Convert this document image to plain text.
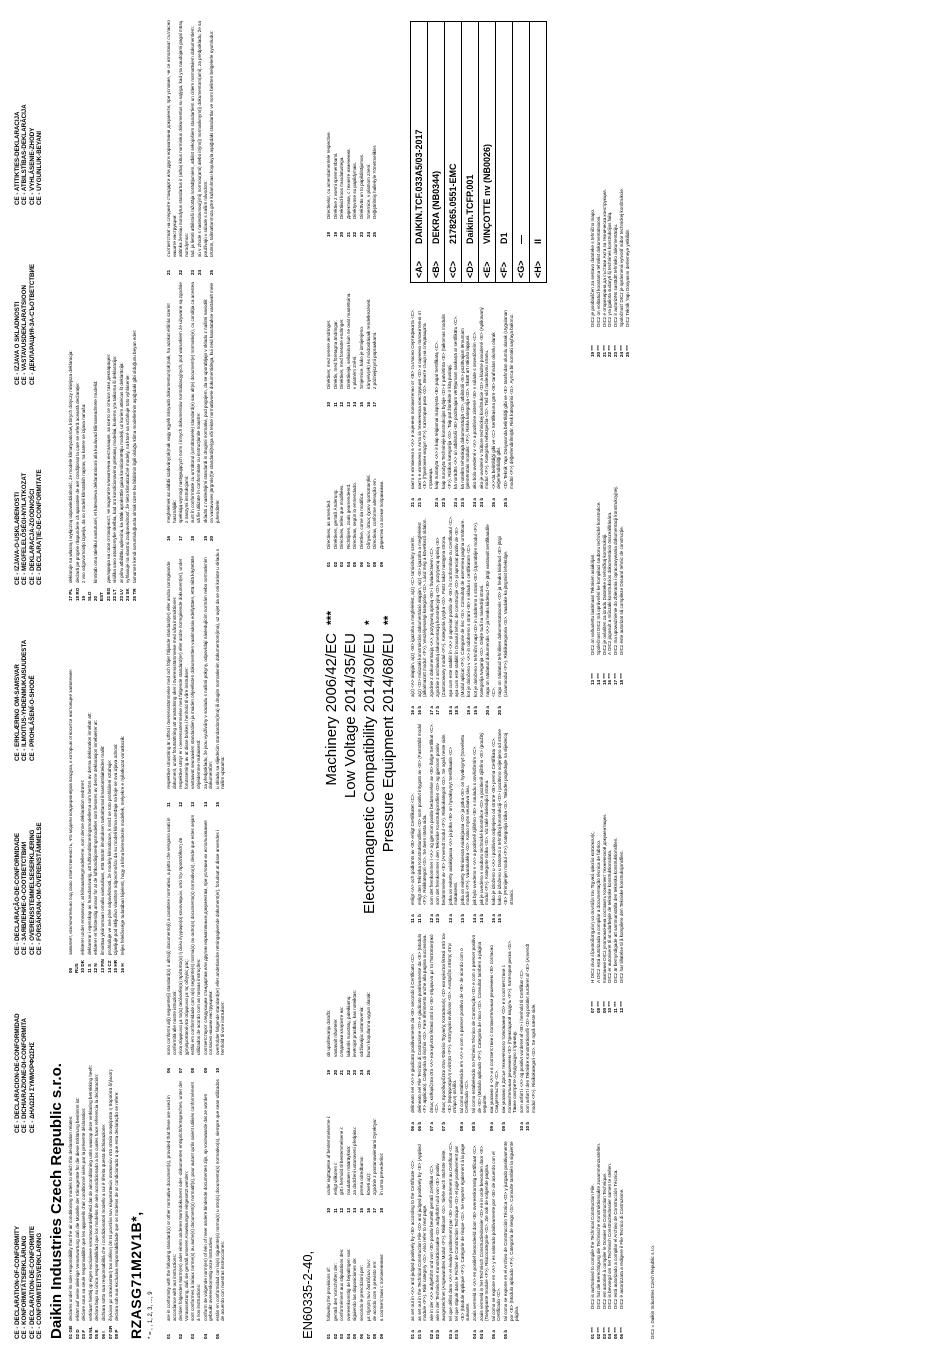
CE - DECLARATION-OF-CONFORMITY CE - KONFORMITÄTSERKLÄRUNG CE - DECLARATION-DE-CONFORMITE CE - CONFORMITEITSVERKLARING
CE - DECLARACION-DE-CONFORMIDAD CE - DICHIARAZIONE-DI-CONFORMITA CE - ΔΗΛΩΣΗ ΣΥΜΜΟΡΦΩΣΗΣ
CE - DECLARAÇÃO-DE-CONFORMIDADE CE - ЗАЯВЛЕНИЕ-О-СООТВЕТСТВИИ CE - OVERENSSTEMMELSESERKLÆRING CE - FÖRSÄKRAN-OM-ÖVERENSTÄMMELSE
CE - ERKLÆRING OM-SAMSVAR CE - ILMOITUS-YHDENMUKAISUUDESTA CE - PROHLÁŠENÍ-O-SHODĚ
CE - IZJAVA-O-USKLAĐENOSTI CE - MEGFELELŐSÉGI-NYILATKOZAT CE - DEKLARACJA-ZGODNOŚCI CE - DECLARAŢIE-DE-CONFORMITATE
CE - IZJAVA O SKLADNOSTI CE - VASTAVUSDEKLARATSIOON CE - ДЕКЛАРАЦИЯ-ЗА-СЪОТВЕТСТВИЕ
CE - ATITIKTIES-DEKLARACIJA CE - ATBILSTĪBAS-DEKLARĀCIJA CE - VYHLÁSENIE-ZHODY CE - UYGUNLUK-BEYANI
Daikin Industries Czech Republic s.r.o. 01 GB
declares under its sole responsibility that the air conditioning models to which this declaration relates:
02 D
erklärt auf seine alleinige Verantwortung daß die Modelle der Klimageräte für die diese Erklärung bestimmt ist:
03 F
déclare sous sa seule responsabilité que les appareils d'air conditionné visés par la présente déclaration:
04 NL
verklaart hierbij op eigen exclusieve verantwoordelijkheid dat de airconditioning units waarop deze verklaring betrekking heeft:
05 E
declara bajo su única responsabilidad que los modelos de aire acondicionado a los cuales hace referencia la declaración:
06 I
dichiara sotto sua responsabilità che i condizionatori modello a cui è riferita questa dichiarazione:
07 GR
δηλώνει με αποκλειστική του ευθύνη ότι τα μοντέλα των κλιματιστικών συσκευών στα οποία αναφέρεται η παρούσα δήλωση:
08 P
declara sob sua exclusiva responsabilidade que os modelos de ar condicionado a que esta declaração se refere:
09 RUS
заявляет, исключительно под свою ответственность, что модели кондиционеров воздуха, к которым относится настоящее заявление:
10 DK
erklærer under eneansvar, at klimaanlægmodellerne, som denne deklaration vedrører:
11 S
deklarerar i egenskap av huvudansvarig, att luftkonditioneringsmodellerna som berörs av denna deklaration innebär att:
12 N
erklærer et fullstendig ansvar for at de luftkondisjoneringsmodeller som berøres av denne deklarasjon innebærer at:
13 FIN
ilmoittaa yksinomaan omalla vastuullaan, että tämän ilmoituksen tarkoittamat ilmastointilaitteiden mallit:
14 CZ
prohlašuje ve své plné odpovědnosti, že modely klimatizace, k nimž se toto prohlášení vztahuje:
15 HR
izjavljuje pod isključivo vlastitom odgovornošću da su modeli klima uređaja na koje se ova izjava odnosi:
16 H
teljes felelőssége tudatában kijelenti, hogy a klíma berendezés modellek, melyekre e nyilatkozat vonatkozik:
17 PL
deklaruje na własną i wyłączną odpowiedzialność, że modele klimatyzatorów, których dotyczy niniejsza deklaracja:
18 RO
declară pe proprie răspundere că aparatele de aer condiţionat la care se referă această declaraţie:
19 SLO
z vso odgovornostjo izjavlja, da so modeli klimatskih naprav, na katere se izjava nanaša:
20 EST
kinnitab oma täielikul vastutusel, et käesoleva deklaratsiooni alla kuuluvad kliimaseadmete mudelid:
21 BG
декларира на своя отговорност, че моделите климатична инсталация, за които се отнася тази декларация:
22 LT
visiška savo atsakomybe skelbia, kad oro kondicionavimo prietaisų modeliai, kuriems yra taikoma ši deklaracija:
23 LV
ar pilnu atbildību apliecina, ka tālāk aprakstītie gaisa kondicionētāju modeļi, uz kuriem attiecas šī deklarācija:
24 SK
vyhlasuje na vlastnú zodpovednosť, že tieto klimatizačné modely, na ktoré sa vzťahuje toto vyhlásenie:
25 TR
tamamen kendi sorumluluğunda olmak üzere bu bildirinin ilgili olduğu klima modellerinin aşağıdaki gibi olduğunu beyan eder:
RZASG71M2V1B*, * = , , 1, 2, 3, ..., 9	01
are in conformity with the following standard(s) or other normative document(s), provided that these are used in accordance with our instructions:
02
der/den folgenden Norm(en) oder einem anderen Normdokument oder -dokumenten entspricht/entsprechen, unter der Voraussetzung, daß sie gemäß unseren Anweisungen eingesetzt werden:
03
sont conformes à la/aux norme(s) ou autre(s) document(s) normatif(s), pour autant qu'ils soient utilisés conformément à nos instructions:
04
conform de volgende norm(en) of één of meer andere bindende documenten zijn, op voorwaarde dat ze worden gebruikt overeenkomstig onze instructies:
05
están en conformidad con la(s) siguiente(s) norma(s) u otro(s) documento(s) normativo(s), siempre que sean utilizados de acuerdo con nuestras instrucciones:
06
sono conformi al(i) seguente(i) standard(s) o altro(i) documento(i) a carattere normativo, a patto che vengano usati in conformità alle nostre istruzioni:
07
είναι σύμφωνα με το(α) ακόλουθο(α) πρότυπο(α) ή άλλο έγγραφο(α) κανονισμών, υπό την προϋπόθεση ότι χρησιμοποιούνται σύμφωνα με τις οδηγίες μας:
08
estão em conformidade com a(s) seguinte(s) norma(s) ou outro(s) documento(s) normativo(s), desde que estes sejam utilizados de acordo com as nossas instruções:
09
соответствуют следующим стандартам или другим нормативным документам, при условии их использования согласно нашим инструкциям:
10
overholder følgende standard(er) eller andet/andre retningsgivende dokument(er), forudsat at disse anvendes i henhold til vore instrukser:
11
respektive utrustning är utförd i överensstämmelse med och följer följande standard(er) eller andra normgivande dokument, under förutsättning att användning sker i överensstämmelse med våra instruktioner:
12
respektive utstyr er i overensstemmelse med følgende standard(er) eller andre normgivende dokument(er), under forutssetning av at disse brukes i henhold til våre instrukser:
13
vastaavat seuraavien standardien ja muiden ohjeellisten dokumenttien vaatimuksia edellyttäen, että niitä käytetään ohjeidemme mukaisesti:
14
za předpokladu, že jsou využívány v souladu s našimi pokyny, odpovídají následujícím normám nebo normativním dokumentům:
15
u skladu sa slijedećim standardom(ima) ili drugim normativnim dokumentom(ima), uz uvjet da se oni koriste u skladu s našim uputama:
16
megfelelnek az alábbi szabvány(ok)nak vagy egyéb irányadó dokumentum(ok)nak, ha azokat előírás szerint használják:
17
spełniają wymogi następujących norm i innych dokumentów normalizacyjnych, pod warunkiem że używane są zgodnie z naszymi instrukcjami:
18
sunt în conformitate cu următorul (următoarele) standard(e) sau alt(e) document(e) normativ(e), cu condiţia ca acestea să fie utilizate în conformitate cu instrucţiunile noastre:
19
skladni z naslednjimi standardi in drugimi normativi, pod pogojem, da se uporabljajo v skladu z našimi navodili:
20
on vastavuses järgmis(t)e standardi(te)ga või teiste normatiivsete dokumentidega, kui neid kasutatakse vastavalt meie juhenditele:
21
съответстват на следните стандарти или други нормативни документи, при условие, че се използват съгласно нашите инструкции:
22
atitinka žemiau nurodytus standartus ir (arba) kitus norminius dokumentus su sąlyga, kad yra naudojami pagal mūsų nurodymus:
23
tad, ja lietoti atbilstoši ražotāja norādījumiem, atbilst sekojošiem standartiem un citiem normatīviem dokumentiem:
24
sú v zhode s nasledovnou(ými) normou(ami) alebo iným(i) normatívnym(i) dokumentom(ami), za predpokladu, že sa používajú v súlade s našim návodom:
25
ürünün, talimatlarımıza göre kullanılması koşuluyla aşağıdaki standartlar ve norm belirten belgelerle uyumludur:
EN60335-2-40, 01
following the provisions of:
02
gemäß den Vorschriften der:
03
conformément aux stipulations des:
04
overeenkomstig de bepalingen van:
05
siguiendo las disposiciones de:
06
secondo le prescrizioni per:
07
με τήρηση των διατάξεων των:
08
de acordo com o previsto em:
09
в соответствии с положениями:
10
under iagttagelse af bestemmelserne i:
11
enligt villkoren i:
12
gitt i henhold til bestemmelsene i:
13
noudattaen määräyksiä:
14
za dodržení ustanovení předpisu:
15
prema odredbama:
16
követi a(z):
17
zgodnie z postanowieniami Dyrektyw:
18
în urma prevederilor:
19
ob upoštevanju določb:
20
vastavalt nõuetele:
21
следвайки клаузите на:
22
laikantis nuostatų, pateikiamų:
23
ievērojot prasības, kas noteiktas:
24
održiavajúc ustanovenia:
25
bunun koşullarına uygun olarak:
Machinery 2006/42/EC Low Voltage 2014/35/EU Electromagnetic Compatibility 2014/30/EU Pressure Equipment 2014/68/EU
***
* **
01
Directives, as amended.
02
Direktiven, gemäß Änderung.
03
Directives, telles que modifiées.
04
Richtlijnen, zoals geamendeerd.
05
Directivas, según lo enmendado.
06
Direttive, come da modifica.
07
Οδηγιών, όπως έχουν τροποποιηθεί.
08
Directivas, conforme alteração em.
09
Директив со всеми поправками.
10
Direktiver, med senere ændringer.
11
Direktiv, med företagna ändringar.
12
Direktiver, med foretatte endringer.
13
Direktiivejä, sellaisina kuin ne ovat muutettuina.
14
v platném znění.
15
Smjernice, kako je izmijenjeno.
16
irányelv(ek) és módosításaik rendelkezéseit.
17
z późniejszymi poprawkami.
18
Directivelor, cu amendamentele respective.
19
Direktive z vsemi spremembami.
20
Direktiivid koos muudatustega.
21
Директиви, с техните изменения.
22
Direktyvose su papildymais.
23
Direktīvās un to papildinājumos.
24
Smernice, v platnom znení.
25
Değiştirilmiş halleriyle Yönetmelikler.
01 a
as set out in <A> and judged positively by <B> according to the Certificate <C>.
01 b
as set out in the Technical Construction File <D> and judged positively by <E> (Applied module <F>). Risk category <G>. Also refer to next page.
02 a
wie in der <A> aufgeführt und von <B> positiv beurteilt gemäß Zertifikat <C>.
02 b
wie in der Technischen Konstruktionsakte <D> aufgeführt und von <E> positiv ausgezeichnet (Angewandtes Modul <F>). Risikoart <G>. Siehe auch nächste Seite.
03 a
tel que défini dans <A> et évalué positivement par <B> conformément au Certificat <C>.
03 b
tel que stipulé dans le Fichier de Construction Technique <D> et jugé positivement par <E> (Module appliqué <F>). Catégorie de risque <G>. Se reporter également à la page suivante.
04 a
zoals vermeld in <A> en positief beoordeeld door <B> overeenkomstig Certificaat <C>.
04 b
zoals vermeld in het Technisch Constructiedossier <D> en in orde bevonden door <E> (Toegepaste module <F>). Risicocategorie <G>. Zie ook de volgende pagina.
05 a
tal como se expone en <A> y es valorado positivamente por <B> de acuerdo con el Certificado <C>.
05 b
tal como se expone en el Archivo de Construcción Técnica <D> y juzgado positivamente por <E> (Modulo aplicado <F>). Categoría de riesgo <G>. Consulte también la siguiente página.
06 a
delineato nel <A> e giudicato positivamente da <B> secondo il Certificato <C>.
06 b
delineato nel File Tecnico di Costruzione <D> e giudicato positivamente da <E> (Modulo <F> applicato). Categoria di rischio <G>. Fare riferimento anche alla pagina successiva.
07 a
όπως καθορίζεται στο <A> και κρίνεται θετικά από το <B> σύμφωνα με το Πιστοποιητικό <C>.
07 b
όπως προσδιορίζεται στον Φάκελο Τεχνικής Κατασκευής <D> και κρίνεται θετικά από τον <E> (Εφαρμοσμένη ενότητα <F>). Κατηγορία κινδύνου <G>. Ανατρέξτε επίσης στην επόμενη σελίδα.
08 a
tal como estabelecido em <A> e com o parecer positivo de <B> de acordo com o Certificado <C>.
08 b
tal como estabelecido no Ficheiro Técnico de Construção <D> e com o parecer positivo de <E> (Módulo aplicado <F>). Categoria de risco <G>. Consultar também a página seguinte.
09 a
как указано в <A> и в соответствии с положительным решением <B> согласно Свидетельству <C>.
09 b
как указано в Досье технического толкования <D> и в соответствии с положительным решением <E> (Прикладной модуль <F>). Категория риска <G>. Также смотрите следующую страницу.
10 a
som anført i <A> og positivt vurderet af <B> i henhold til Certifikat <C>.
10 b
som anført i den Tekniske Konstruktionsfil <D> og positivt vurderet af <E> (Anvendt modul <F>). Risikokategori <G>. Se også næste side.
11 a
enligt <A> och godkänts av <B> enligt Certifikatet <C>.
11 b
enligt den Tekniska Konstruktionsfilen <D> som positivt intygats av <E> (Fastställd modul <F>). Riskkategori <G>. Se även nästa sida.
12 a
som det fremkommer i <A> og gjennom positiv bedømmelse av <B> ifølge Sertifikat <C>.
12 b
som det fremkommer i den Tekniske Konstruksjonsfilen <D> og gjennom positiv bedømmelse av <E> (Anvendt modul <F>). Risikokategori <G>. Se også neste side.
13 a
jotka on esitetty asiakirjassa <A> ja jotka <B> on hyväksynyt Sertifikaatin <C> mukaisesti.
13 b
jotka on esitetty Teknisessä Asiakirjassa <D> ja jotka <E> on hyväksynyt (Sovellettu moduli <F>). Vaaraluokka <G>. Katso myös seuraava sivu.
14 a
jak bylo uvedeno v <A> a pozitivně zjištěno <B> v souladu s osvědčením <C>.
14 b
jak je uvedeno v souboru technické konstrukce <D> a pozitivně zjištěno <E> (použitý modul <F>). Kategorie rizika <G>. Viz také následující strana.
15 a
kako je izloženo u <A> i pozitivno ocijenjeno od strane <B> prema Certifikatu <C>.
15 b
kako je izloženo u Datoteci o tehničkoj konstrukciji <D> i pozitivno ocijenjeno od strane <E> (Primijenjen modul <F>). Kategorija rizika <G>. Također pogledajte na slijedećoj stranici.
16 a
a(z) <A> alapján, a(z) <B> igazolta a megfelelést, a(z) <C> tanúsítvány szerint.
16 b
a(z) <D> műszaki konstrukciós dokumentáció alapján, a(z) <E> igazolta a megfelelést (alkalmazott modul: <F>). Veszélyességi kategória <G>. Lásd még a következő oldalon.
17 a
zgodnie z dokumentacją <A>, pozytywną opinią <B> i Świadectwem <C>.
17 b
zgodnie z archiwalną dokumentacją konstrukcyjną <D>, pozytywną opinią <E> (Zastosowany moduł <F>). Kategoria ryzyka <G>. Patrz także następna strona.
18 a
aşa cum este stabilit în <A> şi apreciat pozitiv de <B> în conformitate cu Certificatul <C>.
18 b
aşa cum este stabilit în Dosarul tehnic de construcţie <D> şi apreciat pozitiv de <E> (Modul aplicat <F>). Categorie de risc <G>. Consultaţi de asemenea pagina următoare.
19 a
kot je določeno v <A> in odobreno s strani <B> v skladu s certifikatom <C>.
19 b
kot je določeno v tehnični mapi <D> in odobreno s strani <E> (Uporabljen modul <F>). Kategorija tveganja <G>. Glejte tudi na naslednji strani.
20 a
nagu on näidatud dokumendis <A> ja heaks kiidetud <B> järgi vastavalt sertifikaadile <C>.
20 b
nagu on näidatud tehnilises dokumentatsioonis <D> ja heaks kiidetud <E> järgi (Lisamoodul <F>). Riskikategooria <G>. Vaadake ka järgmist lehekülge.
21 a
както е изложено в <A> и оценено положително от <B> съгласно Сертификата <C>.
21 b
както е изложено в Акта за техническа конструкция <D> и оценено положително от <E> (Приложен модул <F>). Категория риск <G>. Вижте също на следващата страница.
22 a
kaip nustatyta <A> ir kaip teigiamai nuspręsta <B> pagal Sertifikatą <C>.
22 b
kaip nurodyta Techninėje konstrukcijos byloje <D> ir patvirtinta <E> (taikomas modulis <F>). Rizikos kategorija <G>. Taip pat žiūrėkite ir kitą puslapį.
23 a
kā norādīts <A> un atbilstoši <B> pozitīvajam vērtējumam saskaņā ar sertifikātu <C>.
23 b
kā noteikts tehniskajā dokumentācijā <D>, atbilstoši <E> pozitīvajam lēmumam (piemērotais modulis: <F>). Riska kategorija <G>. Skatīt arī nākošo lappusi.
24 a
ako bolo uvedené v <A> a pozitívne zistené <B> v súlade s osvedčením <C>.
24 b
ako je uvedené v Súbore technickej konštrukcie <D> a kladne posúdené <E> (Aplikovaný modul <F>). Kategória nebezpečia <G>. Tiež viď nasledovnú stranu.
25 a
<A>'da belirtildiği gibi ve <C> Sertifikasına göre <B> tarafından olumlu olarak değerlendirildiği gibi.
25 b
<D> Teknik Yapı Dosyasında belirtildiği gibi ve <E> tarafından olumlu olarak (Uygulanan modül <F>) değerlendirilmiştir. Risk kategorisi <G>. Ayrıca bir sonraki sayfaya bakınız.
<A>
DAIKIN.TCF.033A5/03-2017
<B>
DEKRA (NB0344)
<C>
2178265.0551-EMC
<D>
Daikin.TCFP.001
<E>
VINÇOTTE nv (NB0026)
<F>
D1
<G>
—
<H>
II
01 ***
DICz is authorised to compile the Technical Construction File.
02 ***
DICz hat die Berechtigung die Technische Konstruktionsakte zusammenzustellen.
03 ***
DICz est autorisé à compiler le Dossier de Construction Technique.
04 ***
DICz is bevoegd om het Technisch Constructiedossier samen te stellen.
05 ***
DICz está autorizado a compilar el Archivo de Construcción Técnica.
06 ***
DICz è autorizzata a redigere il File Tecnico di Costruzione.
07 ***
Η DICz είναι εξουσιοδοτημένη να συντάξει τον Τεχνικό φάκελο κατασκευής.
08 ***
A DICz está autorizada a compilar a documentação técnica de fabrico.
09 ***
Компания DICz уполномочена составить Комплект технической документации.
10 ***
DICz er autoriseret til at udarbejde de tekniske konstruktionsdata.
11 ***
DICz är bemyndigade att sammanställa den tekniska konstruktionsfilen.
12 ***
DICz har tillatelse til å kompilere den Tekniske konstruksjonsfilen.
13 ***
DICz on valtuutettu laatimaan Teknisen asiakirjan.
14 ***
Společnost DICz má oprávnění ke kompilaci souboru technické konstrukce.
15 ***
DICz je ovlašten za izradu Datoteke o tehničkoj konstrukciji.
16 ***
A DICz jogosult a műszaki konstrukciós dokumentáció összeállítására.
17 ***
DICz ma upoważnienie do zbierania i opracowywania dokumentacji konstrukcyjnej.
18 ***
DICz este autorizat să compileze Dosarul tehnic de construcţie.
19 ***
DICz je pooblaščen za sestavo datoteke s tehnično mapo.
20 ***
DICz on volitatud koostama tehnilist dokumentatsiooni.
21 ***
DICz е оторизирана да състави Акта за техническа конструкция.
22 ***
DICz yra įgaliota sudaryti šį techninės konstrukcijos failą.
23 ***
DICz ir autorizēts sastādīt tehnisko dokumentāciju.
24 ***
Spoločnosť DICz je oprávnená vytvoriť súbor technickej konštrukcie.
25 ***
DICz Teknik Yapı Dosyasını derlemeye yetkilidir.
DICz = Daikin Industries Czech Republic s.r.o.
